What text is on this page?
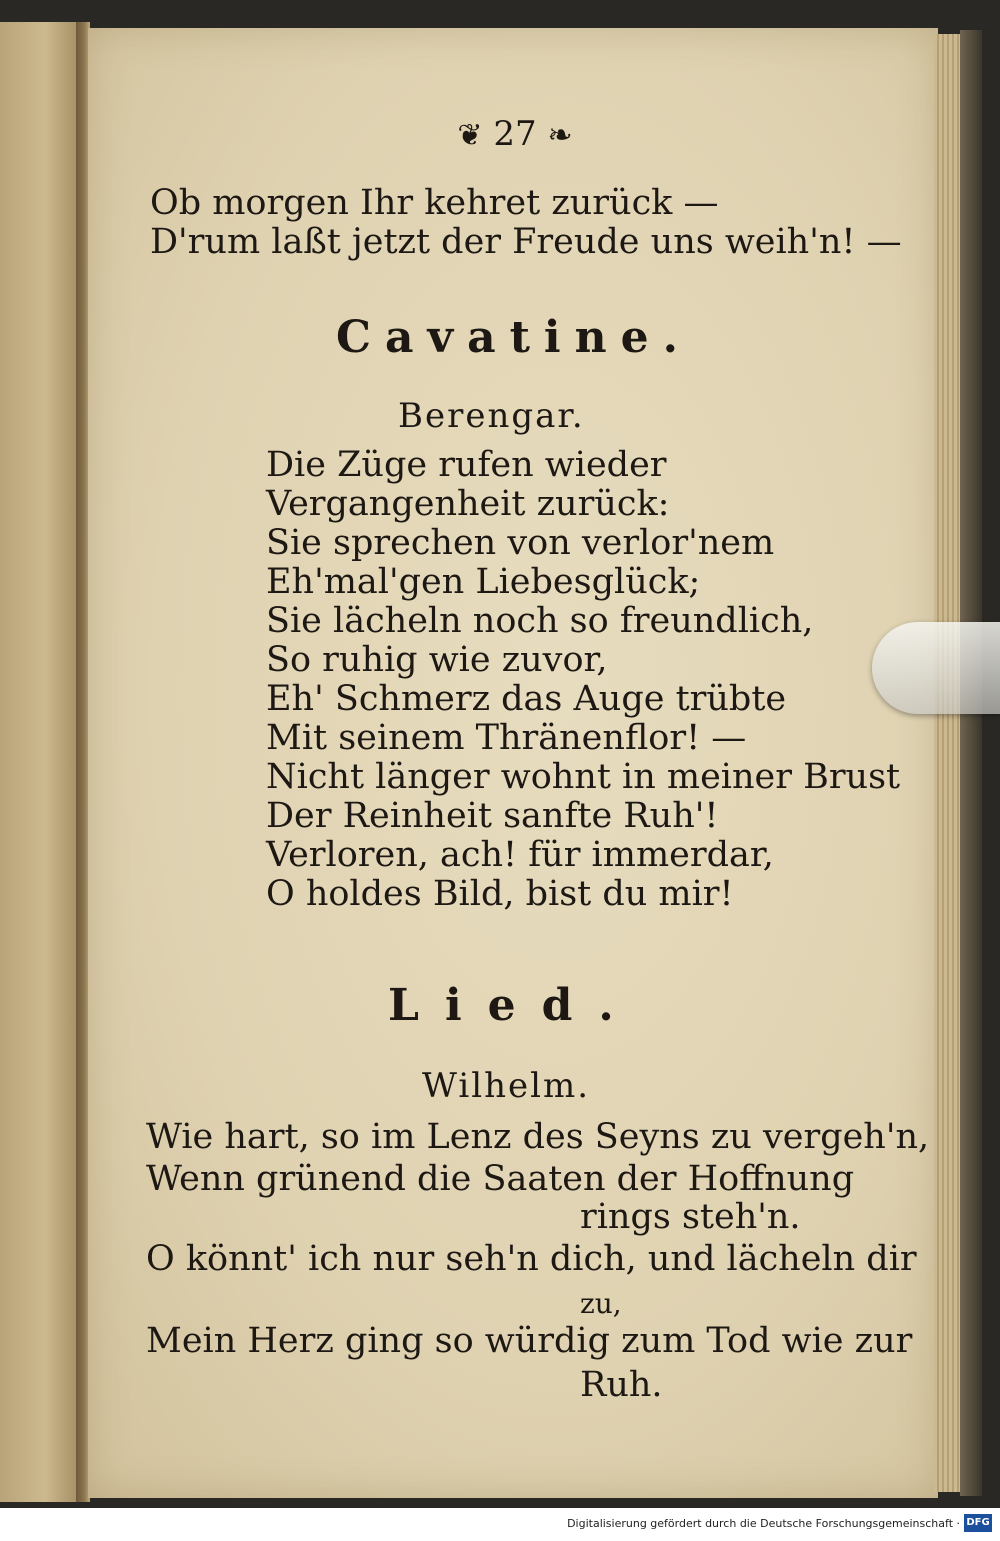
❦ 27 ❧
Ob morgen Ihr kehret zurück —
D'rum laßt jetzt der Freude uns weih'n! —
Cavatine.
Berengar.
Die Züge rufen wieder
Vergangenheit zurück:
Sie sprechen von verlor'nem
Eh'mal'gen Liebesglück;
Sie lächeln noch so freundlich,
So ruhig wie zuvor,
Eh' Schmerz das Auge trübte
Mit seinem Thränenflor! —
Nicht länger wohnt in meiner Brust
Der Reinheit sanfte Ruh'!
Verloren, ach! für immerdar,
O holdes Bild, bist du mir!
Lied.
Wilhelm.
Wie hart, so im Lenz des Seyns zu vergeh'n,
Wenn grünend die Saaten der Hoffnung
rings steh'n.
O könnt' ich nur seh'n dich, und lächeln dir
zu,
Mein Herz ging so würdig zum Tod wie zur
Ruh.
Digitalisierung gefördert durch die Deutsche Forschungsgemeinschaft · DFG
